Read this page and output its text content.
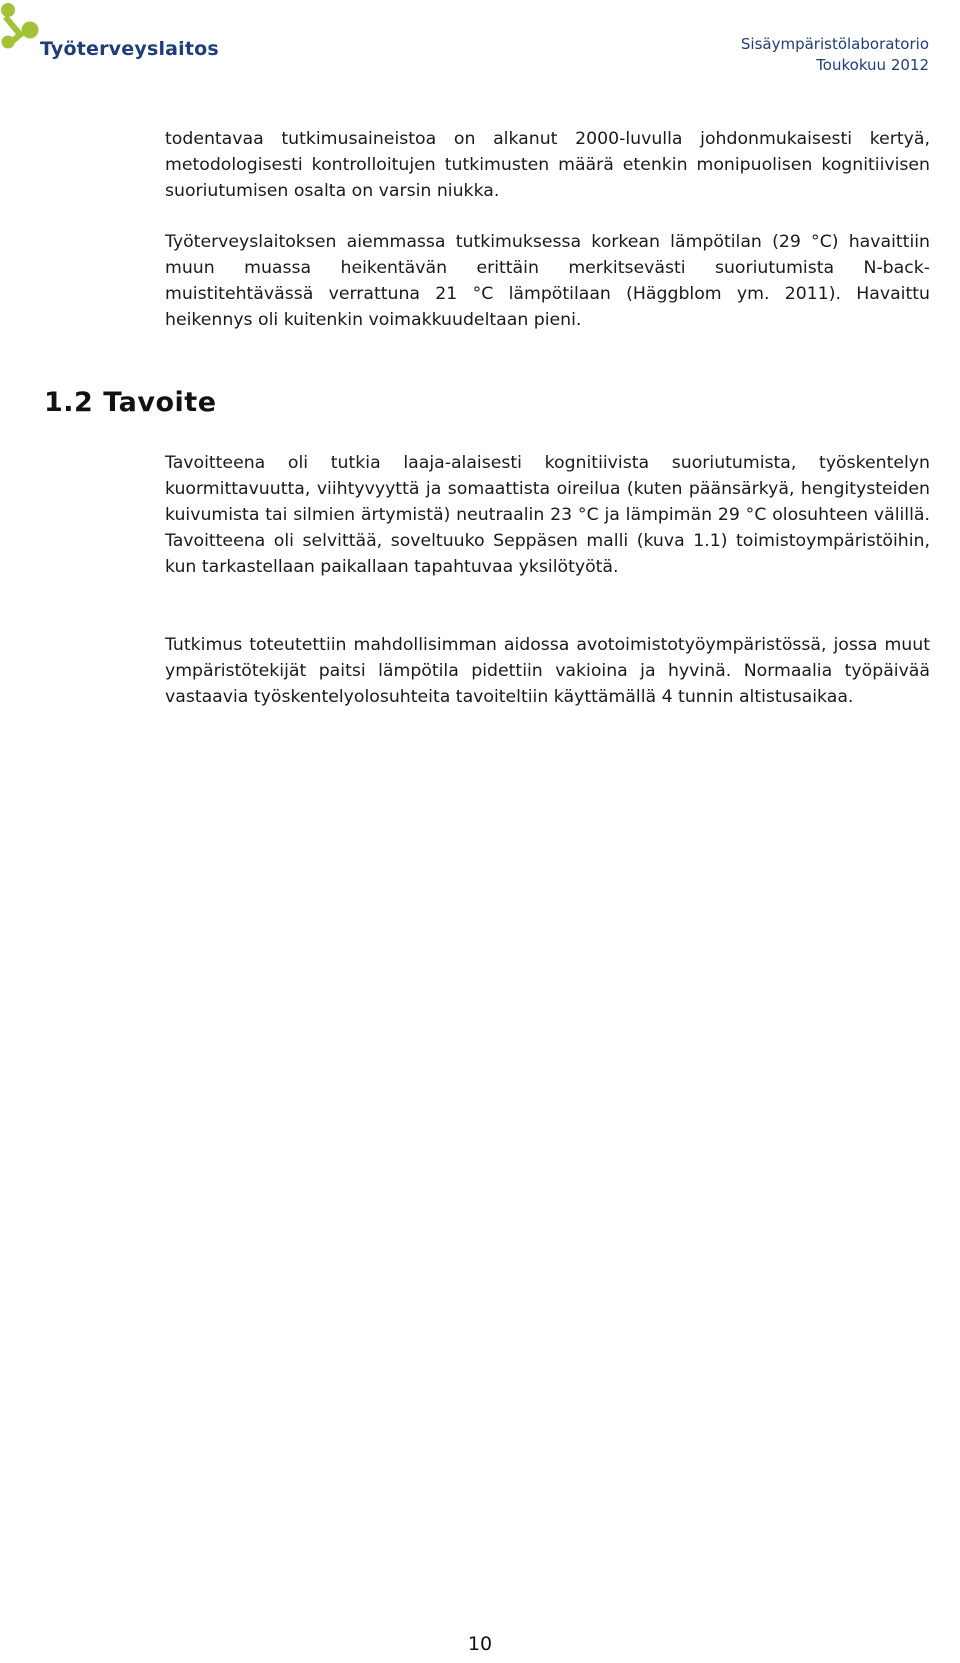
Työterveyslaitos	Sisäympäristölaboratorio
Toukokuu 2012

todentavaa tutkimusaineistoa on alkanut 2000-luvulla johdonmukaisesti kertyä, metodologisesti kontrolloitujen tutkimusten määrä etenkin monipuolisen kognitiivisen suoriutumisen osalta on varsin niukka.

Työterveyslaitoksen aiemmassa tutkimuksessa korkean lämpötilan (29 °C) havaittiin muun muassa heikentävän erittäin merkitsevästi suoriutumista N-back-muistitehtävässä verrattuna 21 °C lämpötilaan (Häggblom ym. 2011). Havaittu heikennys oli kuitenkin voimakkuudeltaan pieni.

1.2 Tavoite

Tavoitteena oli tutkia laaja-alaisesti kognitiivista suoriutumista, työskentelyn kuormittavuutta, viihtyvyyttä ja somaattista oireilua (kuten päänsärkyä, hengitysteiden kuivumista tai silmien ärtymistä) neutraalin 23 °C ja lämpimän 29 °C olosuhteen välillä. Tavoitteena oli selvittää, soveltuuko Seppäsen malli (kuva 1.1) toimistoympäristöihin, kun tarkastellaan paikallaan tapahtuvaa yksilötyötä.

Tutkimus toteutettiin mahdollisimman aidossa avotoimistotyöympäristössä, jossa muut ympäristötekijät paitsi lämpötila pidettiin vakioina ja hyvinä. Normaalia työpäivää vastaavia työskentelyolosuhteita tavoiteltiin käyttämällä 4 tunnin altistusaikaa.

10
